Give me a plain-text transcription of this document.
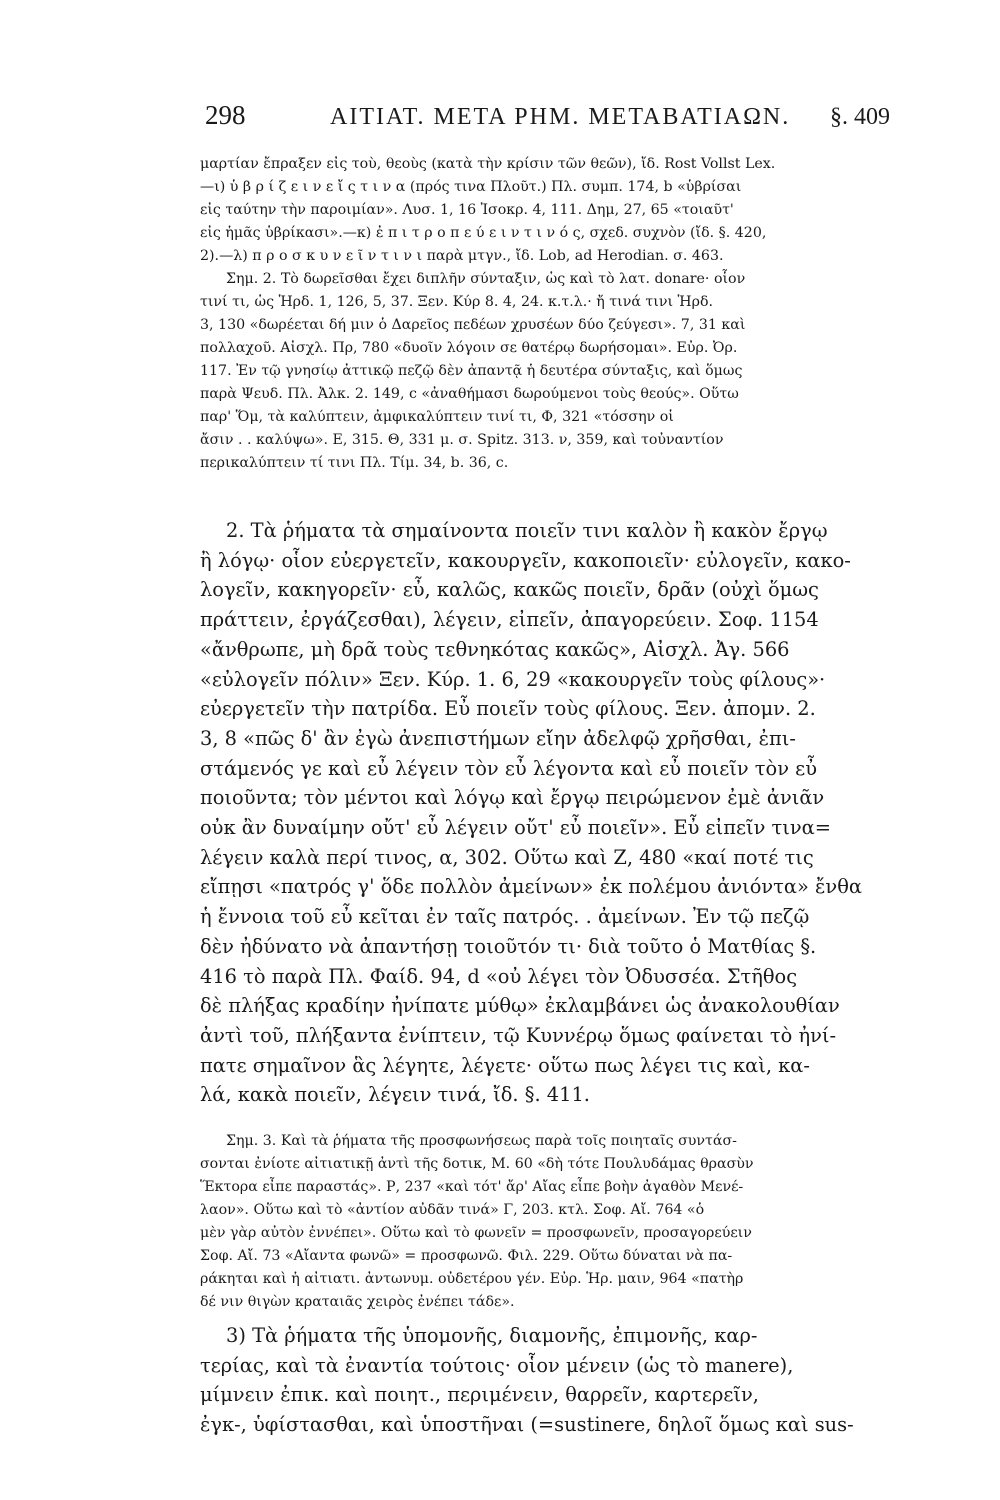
298	ΑΙΤΙΑΤ. ΜΕΤΑ ΡΗΜ. ΜΕΤΑΒΑΤΙΑΩΝ. §. 409
μαρτίαν ἔπραξεν εἰς τοὺ, θεοὺς (κατὰ τὴν κρίσιν τῶν θεῶν), ἴδ. Rost Vollst Lex.
—ι) ὑ β ρ ί ζ ε ι ν ε ἴ ς τ ι ν α (πρός τινα Πλοῦτ.) Πλ. συμπ. 174, b «ὑβρίσαι
εἰς ταύτην τὴν παροιμίαν». Λυσ. 1, 16 Ἰσοκρ. 4, 111. Δημ, 27, 65 «τοιαῦτ'
εἰς ἡμᾶς ὑβρίκασι».—κ) ἐ π ι τ ρ ο π ε ύ ε ι ν τ ι ν ό ς, σχεδ. συχνὸν (ἴδ. §. 420,
2).—λ) π ρ ο σ κ υ ν ε ῖ ν τ ι ν ι παρὰ μτγν., ἴδ. Lob, ad Herodian. σ. 463.
Σημ. 2. Τὸ δωρεῖσθαι ἔχει διπλῆν σύνταξιν, ὡς καὶ τὸ λατ. donare· οἷον
τινί τι, ὡς Ἡρδ. 1, 126, 5, 37. Ξεν. Κύρ 8. 4, 24. κ.τ.λ.· ἤ τινά τινι Ἡρδ.
3, 130 «δωρέεται δή μιν ὁ Δαρεῖος πεδέων χρυσέων δύο ζεύγεσι». 7, 31 καὶ
πολλαχοῦ. Αἰσχλ. Πρ, 780 «δυοῖν λόγοιν σε θατέρῳ δωρήσομαι». Εὐρ. Ὀρ.
117. Ἐν τῷ γνησίῳ ἀττικῷ πεζῷ δὲν ἀπαντᾷ ἡ δευτέρα σύνταξις, καὶ ὅμως
παρὰ Ψευδ. Πλ. Ἀλκ. 2. 149, c «ἀναθήμασι δωρούμενοι τοὺς θεούς». Οὕτω
παρ' Ὅμ, τὰ καλύπτειν, ἀμφικαλύπτειν τινί τι, Φ, 321 «τόσσην οἱ
ἄσιν . . καλύψω». Ε, 315. Θ, 331 μ. σ. Spitz. 313. ν, 359, καὶ τοὐναντίον
περικαλύπτειν τί τινι Πλ. Τίμ. 34, b. 36, c.
2. Τὰ ῥήματα τὰ σημαίνοντα ποιεῖν τινι καλὸν ἢ κακὸν ἔργῳ
ἢ λόγῳ· οἷον εὐεργετεῖν, κακουργεῖν, κακοποιεῖν· εὐλογεῖν, κακο-
λογεῖν, κακηγορεῖν· εὖ, καλῶς, κακῶς ποιεῖν, δρᾶν (οὐχὶ ὅμως
πράττειν, ἐργάζεσθαι), λέγειν, εἰπεῖν, ἀπαγορεύειν. Σοφ. 1154
«ἄνθρωπε, μὴ δρᾶ τοὺς τεθνηκότας κακῶς», Αἰσχλ. Ἀγ. 566
«εὐλογεῖν πόλιν» Ξεν. Κύρ. 1. 6, 29 «κακουργεῖν τοὺς φίλους»·
εὐεργετεῖν τὴν πατρίδα. Εὖ ποιεῖν τοὺς φίλους. Ξεν. ἀπομν. 2.
3, 8 «πῶς δ' ἂν ἐγὼ ἀνεπιστήμων εἴην ἀδελφῷ χρῆσθαι, ἐπι-
στάμενός γε καὶ εὖ λέγειν τὸν εὖ λέγοντα καὶ εὖ ποιεῖν τὸν εὖ
ποιοῦντα; τὸν μέντοι καὶ λόγῳ καὶ ἔργῳ πειρώμενον ἐμὲ ἀνιᾶν
οὐκ ἂν δυναίμην οὔτ' εὖ λέγειν οὔτ' εὖ ποιεῖν». Εὖ εἰπεῖν τινα=
λέγειν καλὰ περί τινος, α, 302. Οὕτω καὶ Ζ, 480 «καί ποτέ τις
εἴπῃσι «πατρός γ' ὅδε πολλὸν ἀμείνων» ἐκ πολέμου ἀνιόντα» ἔνθα
ἡ ἔννοια τοῦ εὖ κεῖται ἐν ταῖς πατρός. . ἀμείνων. Ἐν τῷ πεζῷ
δὲν ἠδύνατο νὰ ἀπαντήσῃ τοιοῦτόν τι· διὰ τοῦτο ὁ Ματθίας §.
416 τὸ παρὰ Πλ. Φαίδ. 94, d «οὐ λέγει τὸν Ὀδυσσέα. Στῆθος
δὲ πλήξας κραδίην ἠνίπατε μύθῳ» ἐκλαμβάνει ὡς ἀνακολουθίαν
ἀντὶ τοῦ, πλήξαντα ἐνίπτειν, τῷ Κυννέρῳ ὅμως φαίνεται τὸ ἠνί-
πατε σημαῖνον ἃς λέγητε, λέγετε· οὕτω πως λέγει τις καὶ, κα-
λά, κακὰ ποιεῖν, λέγειν τινά, ἴδ. §. 411.
Σημ. 3. Καὶ τὰ ῥήματα τῆς προσφωνήσεως παρὰ τοῖς ποιηταῖς συντάσ-
σονται ἐνίοτε αἰτιατικῇ ἀντὶ τῆς δοτικ, Μ. 60 «δὴ τότε Πουλυδάμας θρασὺν
Ἕκτορα εἶπε παραστάς». Ρ, 237 «καὶ τότ' ἄρ' Αἴας εἶπε βοὴν ἀγαθὸν Μενέ-
λαον». Οὕτω καὶ τὸ «ἀντίον αὐδᾶν τινά» Γ, 203. κτλ. Σοφ. Αἴ. 764 «ὁ
μὲν γὰρ αὐτὸν ἐννέπει». Οὕτω καὶ τὸ φωνεῖν = προσφωνεῖν, προσαγορεύειν
Σοφ. Αἴ. 73 «Αἴαντα φωνῶ» = προσφωνῶ. Φιλ. 229. Οὕτω δύναται νὰ πα-
ράκηται καὶ ἡ αἰτιατι. ἀντωνυμ. οὐδετέρου γέν. Εὐρ. Ἡρ. μαιν, 964 «πατὴρ
δέ νιν θιγὼν κραταιᾶς χειρὸς ἐνέπει τάδε».
3) Τὰ ῥήματα τῆς ὑπομονῆς, διαμονῆς, ἐπιμονῆς, καρ-
τερίας, καὶ τὰ ἐναντία τούτοις· οἷον μένειν (ὡς τὸ manere),
μίμνειν ἐπικ. καὶ ποιητ., περιμένειν, θαρρεῖν, καρτερεῖν,
ἐγκ-, ὑφίστασθαι, καὶ ὑποστῆναι (=sustinere, δηλοῖ ὅμως καὶ sus-
